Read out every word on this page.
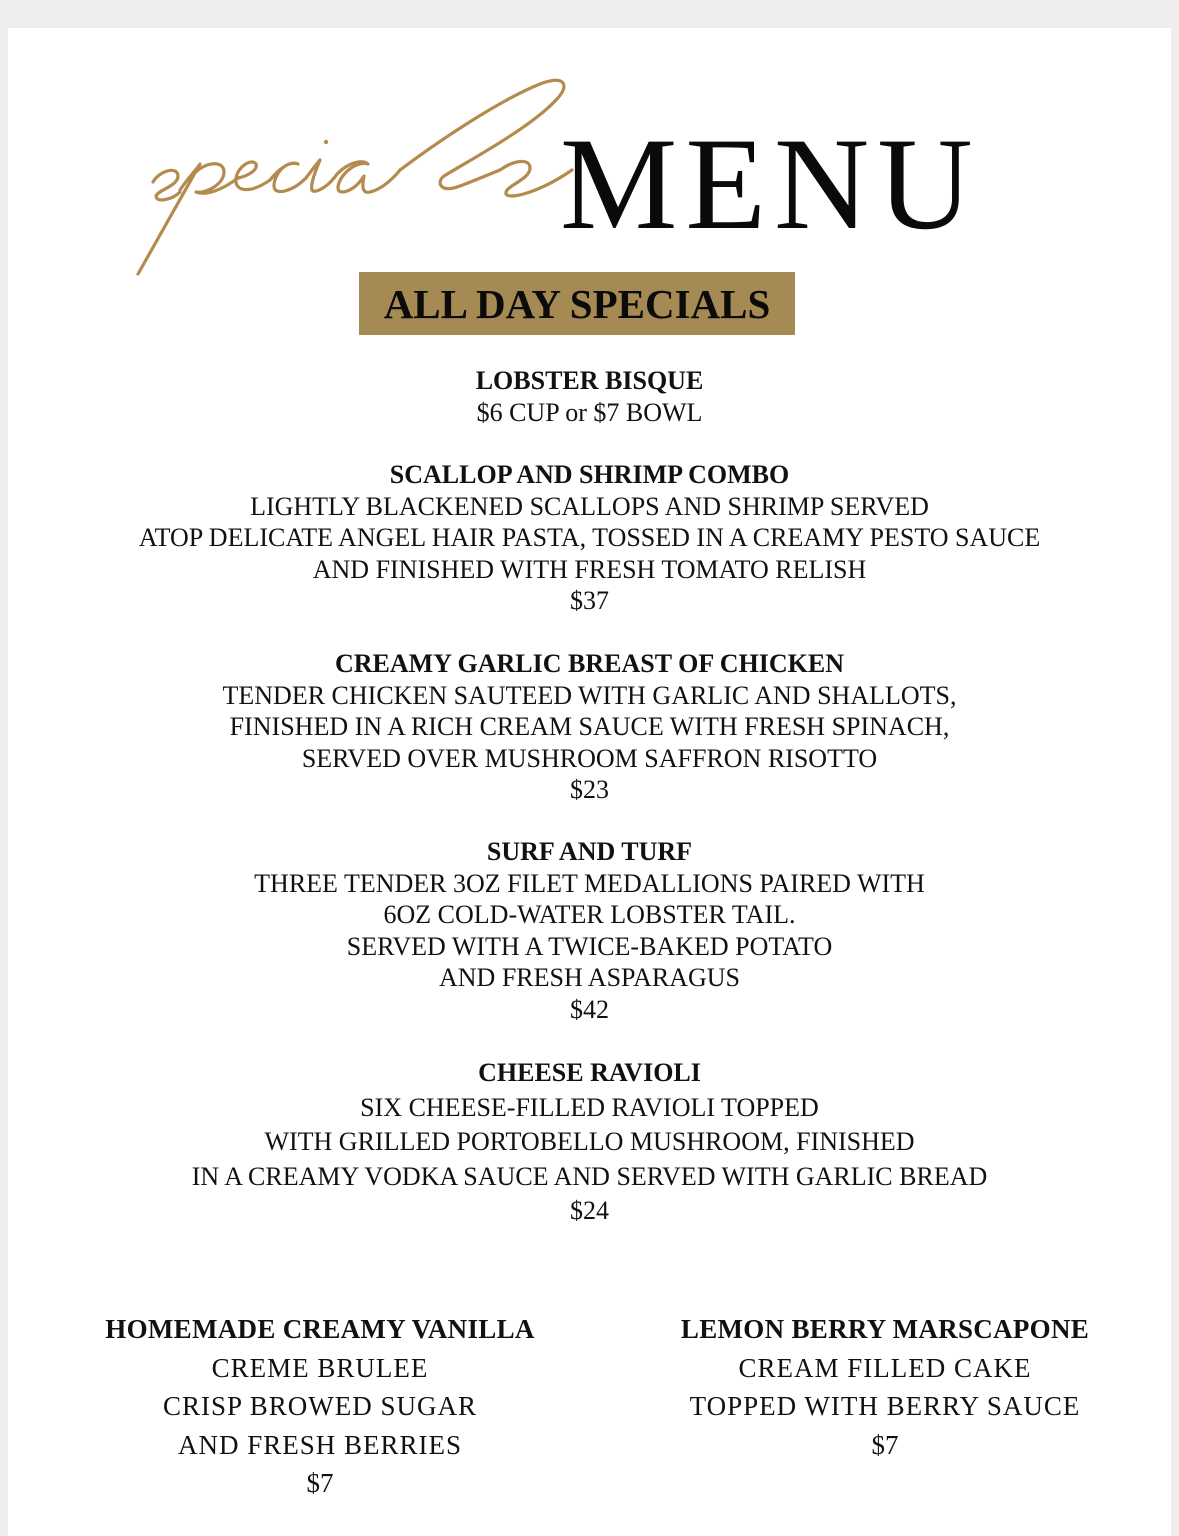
MENU
ALL DAY SPECIALS
LOBSTER BISQUE
$6 CUP or $7 BOWL
SCALLOP AND SHRIMP COMBO
LIGHTLY BLACKENED SCALLOPS AND SHRIMP SERVED
ATOP DELICATE ANGEL HAIR PASTA, TOSSED IN A CREAMY PESTO SAUCE
AND FINISHED WITH FRESH TOMATO RELISH
$37
CREAMY GARLIC BREAST OF CHICKEN
TENDER CHICKEN SAUTEED WITH GARLIC AND SHALLOTS,
FINISHED IN A RICH CREAM SAUCE WITH FRESH SPINACH,
SERVED OVER MUSHROOM SAFFRON RISOTTO
$23
SURF AND TURF
THREE TENDER 3OZ FILET MEDALLIONS PAIRED WITH
6OZ COLD-WATER LOBSTER TAIL.
SERVED WITH A TWICE-BAKED POTATO
AND FRESH ASPARAGUS
$42
CHEESE RAVIOLI
SIX CHEESE-FILLED RAVIOLI TOPPED
WITH GRILLED PORTOBELLO MUSHROOM, FINISHED
IN A CREAMY VODKA SAUCE AND SERVED WITH GARLIC BREAD
$24
HOMEMADE CREAMY VANILLA
CREME BRULEE
CRISP BROWED SUGAR
AND FRESH BERRIES
$7
LEMON BERRY MARSCAPONE
CREAM FILLED CAKE
TOPPED WITH BERRY SAUCE
$7
